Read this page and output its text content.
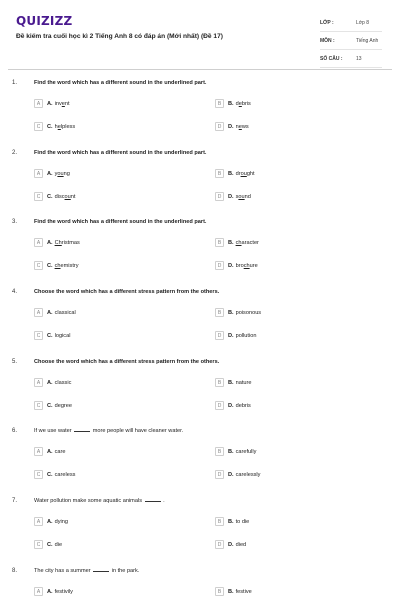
QUIZIZZ
Đề kiểm tra cuối học kì 2 Tiếng Anh 8 có đáp án (Mới nhất) (Đề 17)
LỚP :	Lớp 8
MÔN :	Tiếng Anh
SỐ CÂU :	13
1.	Find the word which has a different sound in the underlined part.
A	A. invent	B	B. debris
C	C. helpless	D	D. news
2.	Find the word which has a different sound in the underlined part.
A	A. young	B	B. drought
C	C. discount	D	D. sound
3.	Find the word which has a different sound in the underlined part.
A	A. Christmas	B	B. character
C	C. chemistry	D	D. brochure
4.	Choose the word which has a different stress pattern from the others.
A	A. classical	B	B. poisonous
C	C. logical	D	D. pollution
5.	Choose the word which has a different stress pattern from the others.
A	A. classic	B	B. nature
C	C. degree	D	D. debris
6.	If we use water	more people will have cleaner water.
A	A. care	B	B. carefully
C	C. careless	D	D. carelessly
7.	Water pollution make some aquatic animals	.
A	A. dying	B	B. to die
C	C. die	D	D. died
8.	The city has a summer	in the park.
A	A. festivily	B	B. festive
